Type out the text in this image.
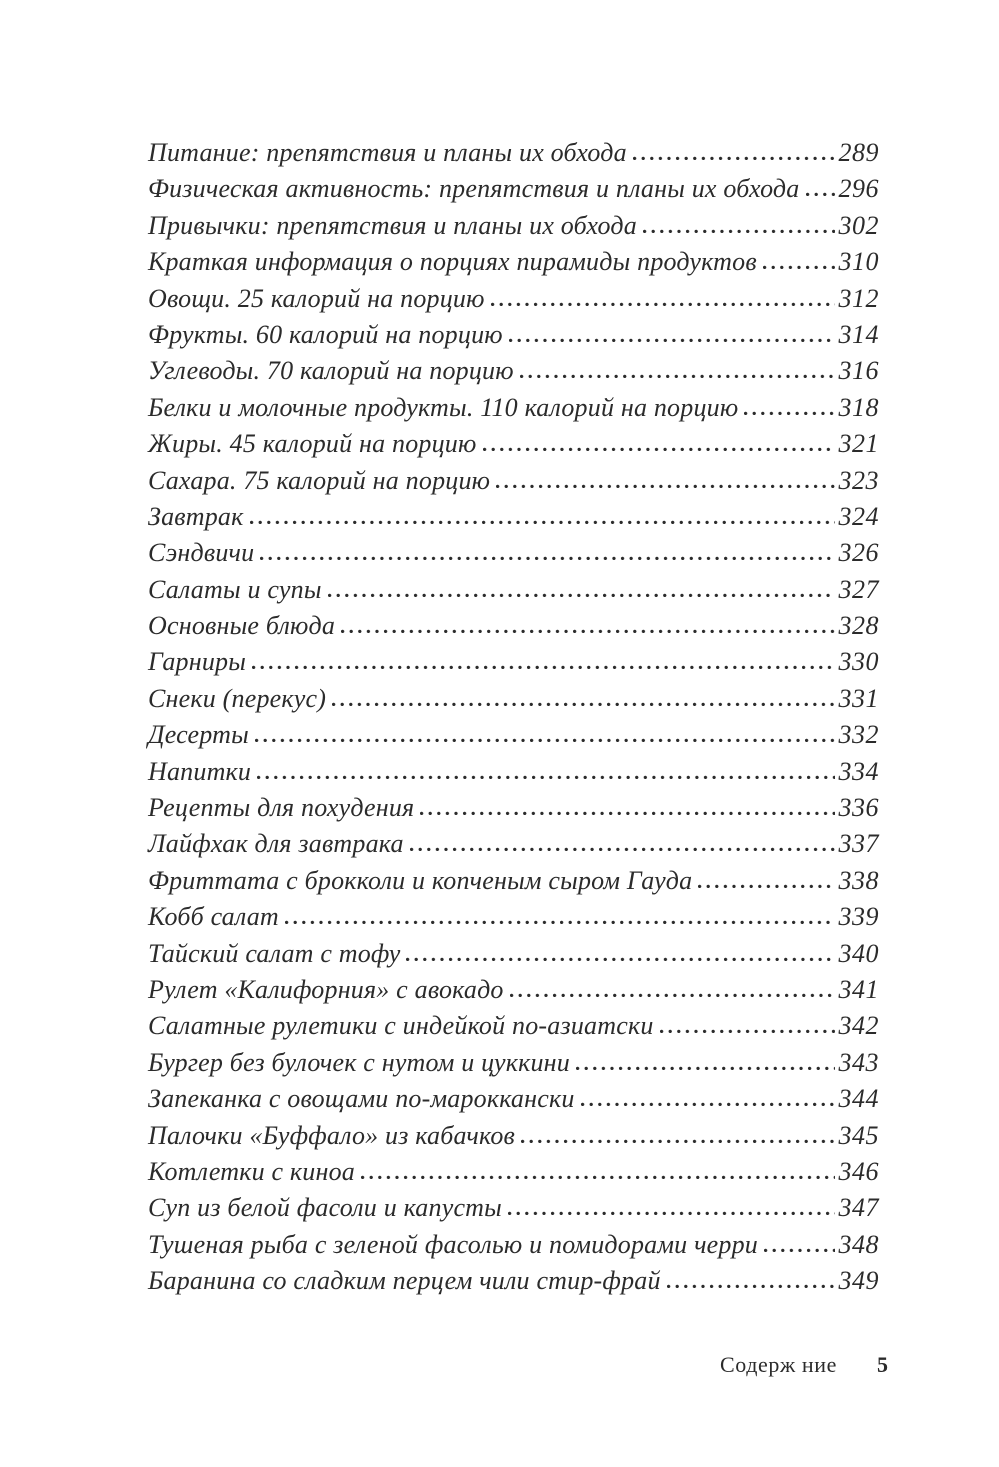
Питание: препятствия и планы их обхода	289
Физическая активность: препятствия и планы их обхода 296
Привычки: препятствия и планы их обхода	302
Краткая информация о порциях пирамиды продуктов	310
Овощи. 25 калорий на порцию	312
Фрукты. 60 калорий на порцию	314
Углеводы. 70 калорий на порцию	316
Белки и молочные продукты. 110 калорий на порцию	318
Жиры. 45 калорий на порцию	321
Сахара. 75 калорий на порцию	323
Завтрак	324
Сэндвичи	326
Салаты и супы	327
Основные блюда	328
Гарниры	330
Снеки (перекус)	331
Десерты	332
Напитки	334
Рецепты для похудения	336
Лайфхак для завтрака	337
Фриттата с брокколи и копченым сыром Гауда	338
Кобб салат	339
Тайский салат с тофу	340
Рулет «Калифорния» с авокадо	341
Салатные рулетики с индейкой по-азиатски	342
Бургер без булочек с нутом и цуккини	343
Запеканка с овощами по-мароккански	344
Палочки «Буффало» из кабачков	345
Котлетки с киноа	346
Суп из белой фасоли и капусты	347
Тушеная рыба с зеленой фасолью и помидорами черри	348
Баранина со сладким перцем чили стир-фрай	349
Содерж ние 5
